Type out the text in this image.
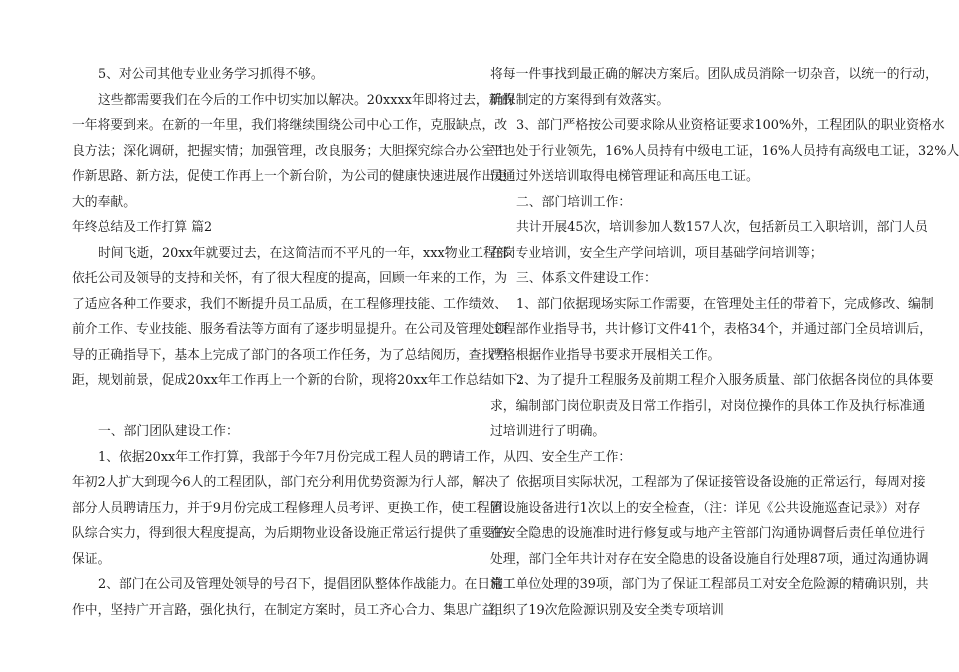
5、对公司其他专业业务学习抓得不够。
这些都需要我们在今后的工作中切实加以解决。20xxxx年即将过去，新的
一年将要到来。在新的一年里，我们将继续围绕公司中心工作，克服缺点，改
良方法；深化调研，把握实情；加强管理，改良服务；大胆探究综合办公室工
作新思路、新方法，促使工作再上一个新台阶，为公司的健康快速进展作出更
大的奉献。
年终总结及工作打算 篇2
时间飞逝，20xx年就要过去，在这简洁而不平凡的一年，xxx物业工程部
依托公司及领导的支持和关怀，有了很大程度的提高，回顾一年来的工作，为
了适应各种工作要求，我们不断提升员工品质，在工程修理技能、工作绩效、
前介工作、专业技能、服务看法等方面有了逐步明显提升。在公司及管理处领
导的正确指导下，基本上完成了部门的各项工作任务，为了总结阅历，查找差
距，规划前景，促成20xx年工作再上一个新的台阶，现将20xx年工作总结如下：
一、部门团队建设工作：
1、依据20xx年工作打算，我部于今年7月份完成工程人员的聘请工作，从
年初2人扩大到现今6人的工程团队，部门充分利用优势资源为行人部，解决了
部分人员聘请压力，并于9月份完成工程修理人员考评、更换工作，使工程团
队综合实力，得到很大程度提高，为后期物业设备设施正常运行提供了重要的
保证。
2、部门在公司及管理处领导的号召下，提倡团队整体作战能力。在日常工
作中，坚持广开言路，强化执行，在制定方案时，员工齐心合力、集思广益，
将每一件事找到最正确的解决方案后。团队成员消除一切杂音，以统一的行动，
确保制定的方案得到有效落实。
3、部门严格按公司要求除从业资格证要求100%外，工程团队的职业资格水
平也处于行业领先，16%人员持有中级电工证，16%人员持有高级电工证，32%人
员通过外送培训取得电梯管理证和高压电工证。
二、部门培训工作：
共计开展45次，培训参加人数157人次，包括新员工入职培训，部门人员
在岗专业培训，安全生产学问培训，项目基础学问培训等；
三、体系文件建设工作：
1、部门依据现场实际工作需要，在管理处主任的带着下，完成修改、编制
工程部作业指导书，共计修订文件41个，表格34个，并通过部门全员培训后，
严格根据作业指导书要求开展相关工作。
2、为了提升工程服务及前期工程介入服务质量、部门依据各岗位的具体要
求，编制部门岗位职责及日常工作指引，对岗位操作的具体工作及执行标准通
过培训进行了明确。
四、安全生产工作：
依据项目实际状况，工程部为了保证接管设备设施的正常运行，每周对接
管设施设备进行1次以上的安全检查，（注：详见《公共设施巡查记录》）对存
在安全隐患的设施准时进行修复或与地产主管部门沟通协调督后责任单位进行
处理，部门全年共计对存在安全隐患的设备设施自行处理87项，通过沟通协调
施工单位处理的39项，部门为了保证工程部员工对安全危险源的精确识别，共
组织了19次危险源识别及安全类专项培训
